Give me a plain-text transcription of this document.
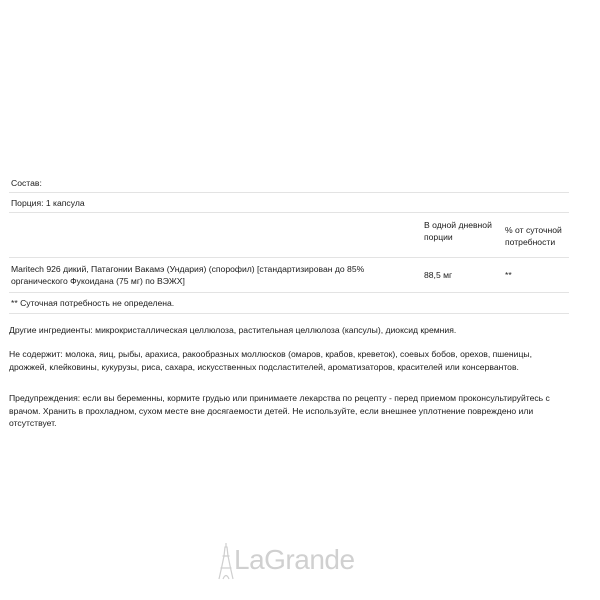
Состав:
Порция: 1 капсула
В одной дневной порции
% от суточной потребности
Maritech 926 дикий, Патагонии Вакамэ (Ундария) (спорофил) [стандартизирован до 85% органического Фукоидана (75 мг) по ВЭЖХ]
88,5 мг	**
** Суточная потребность не определена.

Другие ингредиенты: микрокристаллическая целлюлоза, растительная целлюлоза (капсулы), диоксид кремния.

Не содержит: молока, яиц, рыбы, арахиса, ракообразных моллюсков (омаров, крабов, креветок), соевых бобов, орехов, пшеницы, дрожжей, клейковины, кукурузы, риса, сахара, искусственных подсластителей, ароматизаторов, красителей или консервантов.

Предупреждения: если вы беременны, кормите грудью или принимаете лекарства по рецепту - перед приемом проконсультируйтесь с врачом. Хранить в прохладном, сухом месте вне досягаемости детей. Не используйте, если внешнее уплотнение повреждено или отсутствует.

LaGrande
